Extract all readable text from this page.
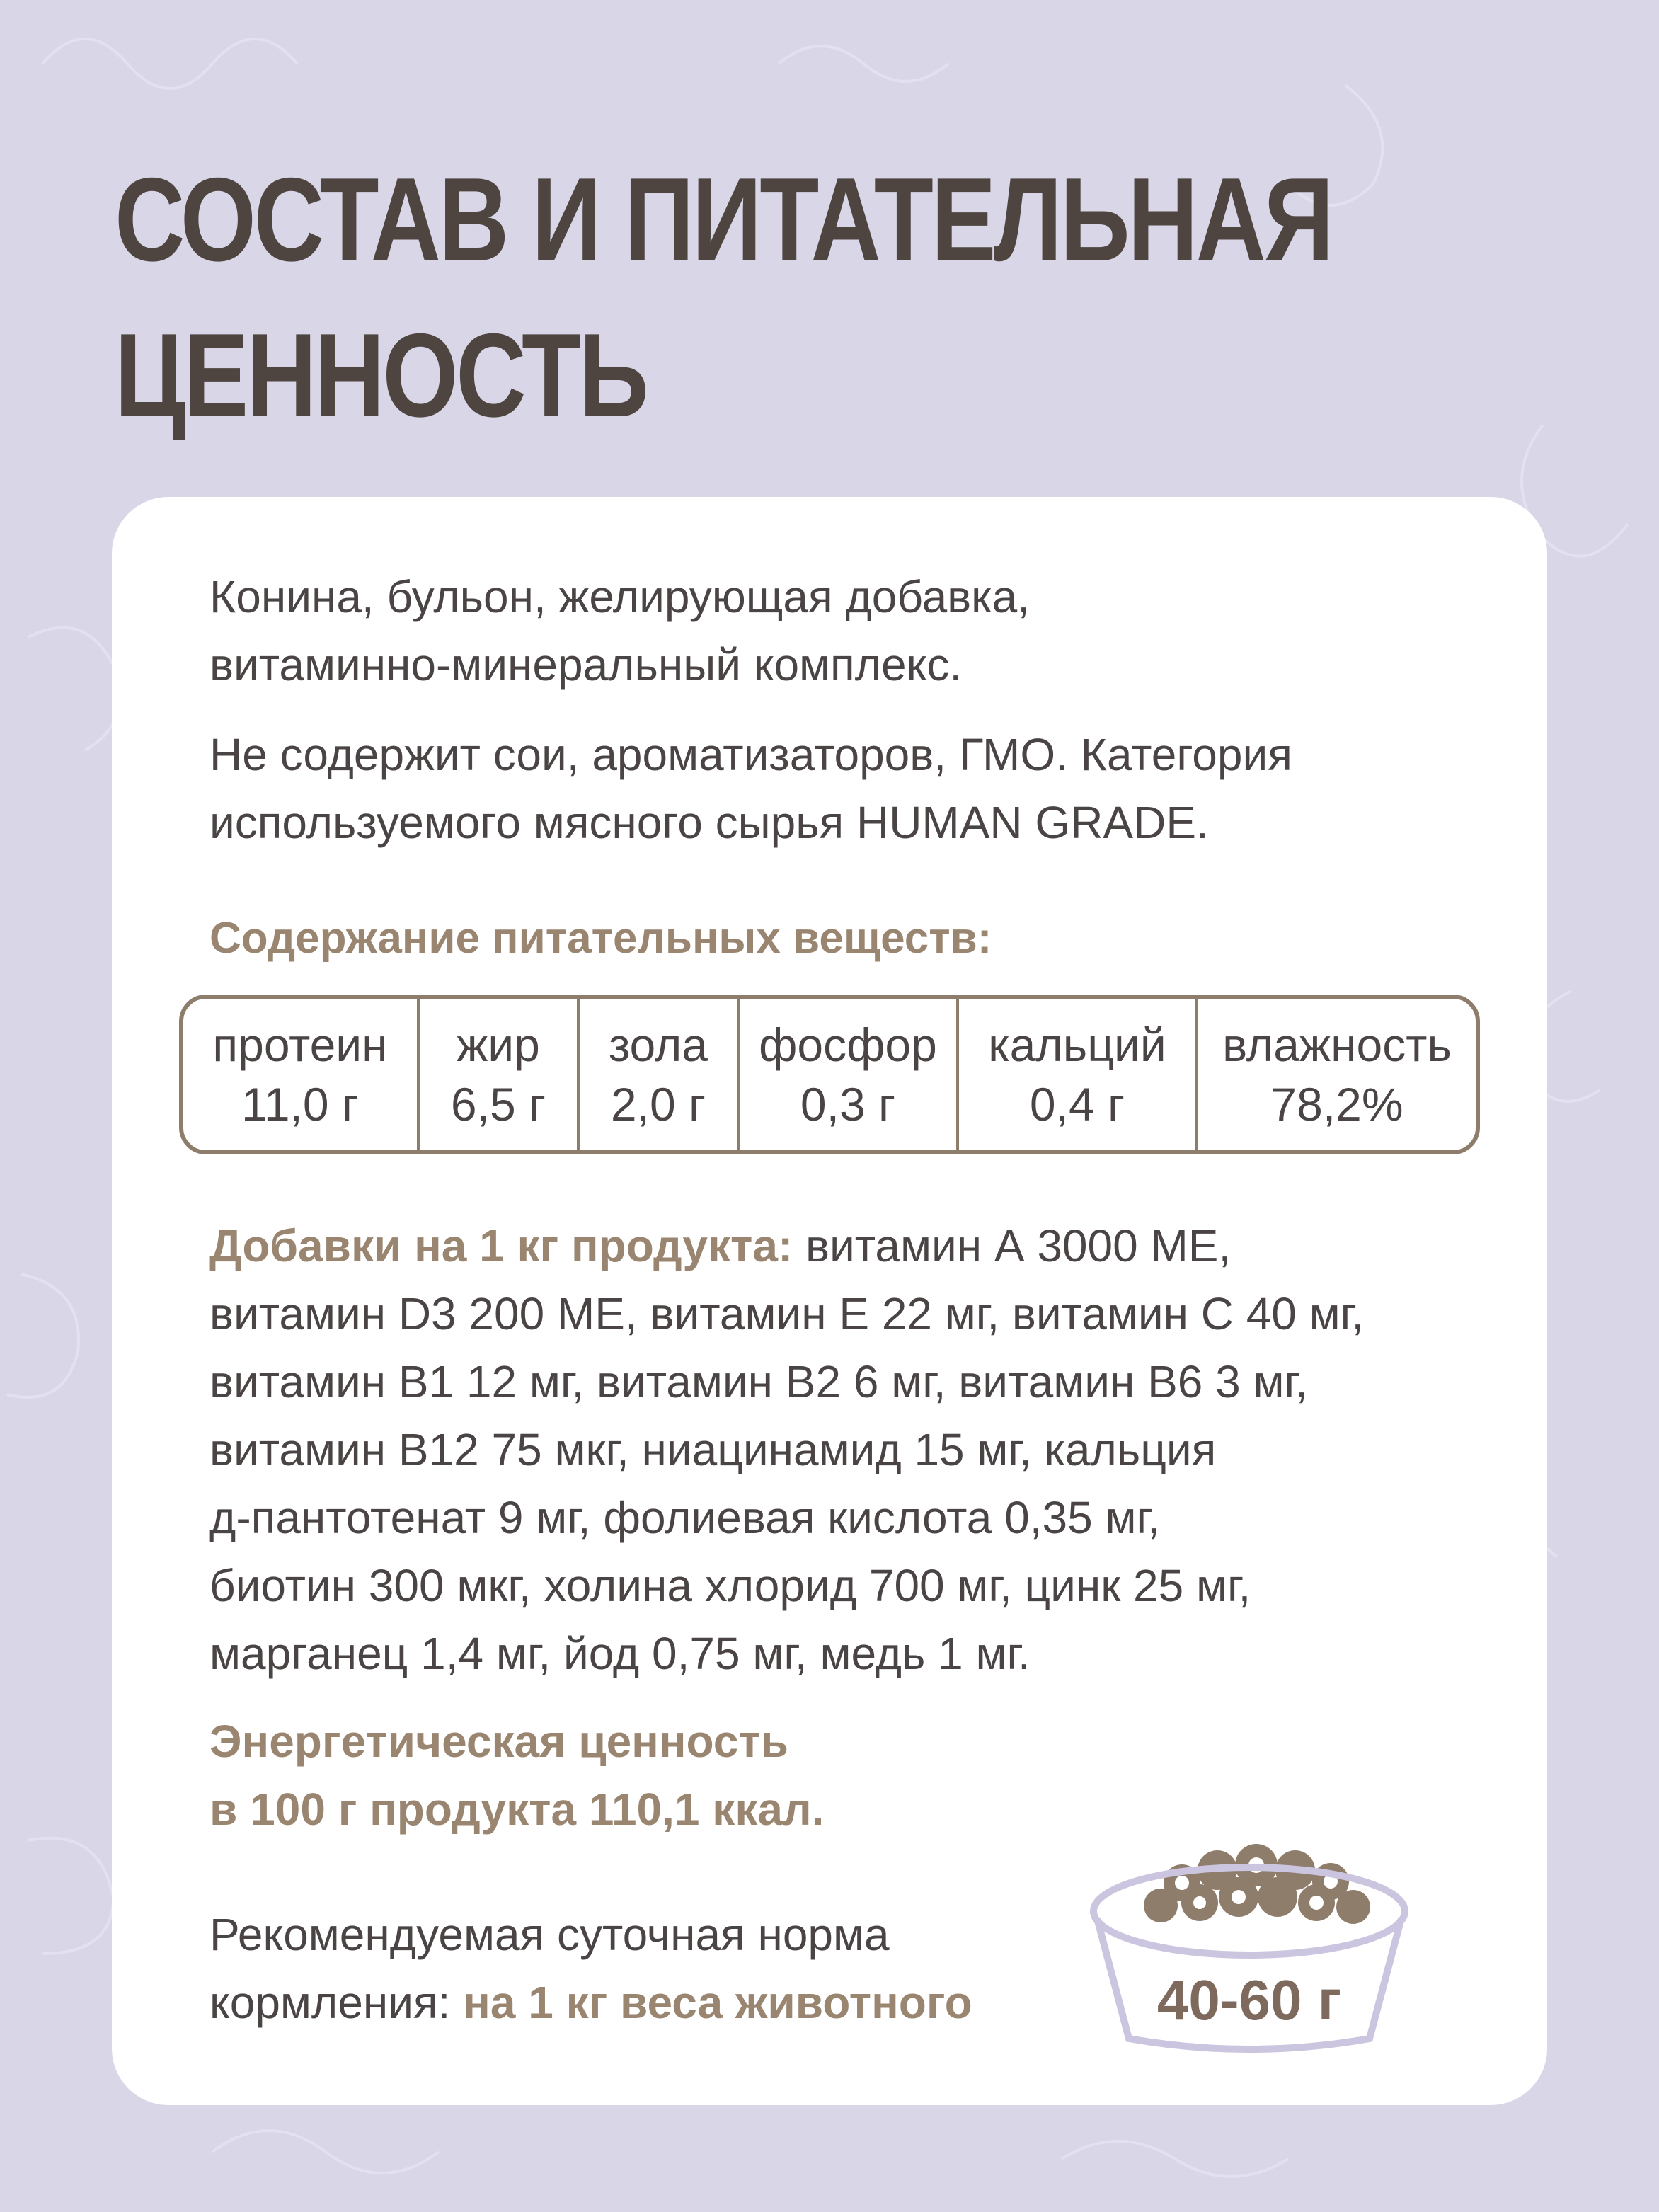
СОСТАВ И ПИТАТЕЛЬНАЯ
ЦЕННОСТЬ
Конина, бульон, желирующая добавка,
витаминно-минеральный комплекс.
Не содержит сои, ароматизаторов, ГМО. Категория
используемого мясного сырья HUMAN GRADE.
Содержание питательных веществ:
протеин
11,0 г
жир
6,5 г
зола
2,0 г
фосфор
0,3 г
кальций
0,4 г
влажность
78,2%
Добавки на 1 кг продукта: витамин А 3000 МЕ,
витамин D3 200 МЕ, витамин Е 22 мг, витамин С 40 мг,
витамин В1 12 мг, витамин В2 6 мг, витамин В6 3 мг,
витамин В12 75 мкг, ниацинамид 15 мг, кальция
д-пантотенат 9 мг, фолиевая кислота 0,35 мг,
биотин 300 мкг, холина хлорид 700 мг, цинк 25 мг,
марганец 1,4 мг, йод 0,75 мг, медь 1 мг.
Энергетическая ценность
в 100 г продукта 110,1 ккал.
Рекомендуемая суточная норма
кормления: на 1 кг веса животного	40-60 г
